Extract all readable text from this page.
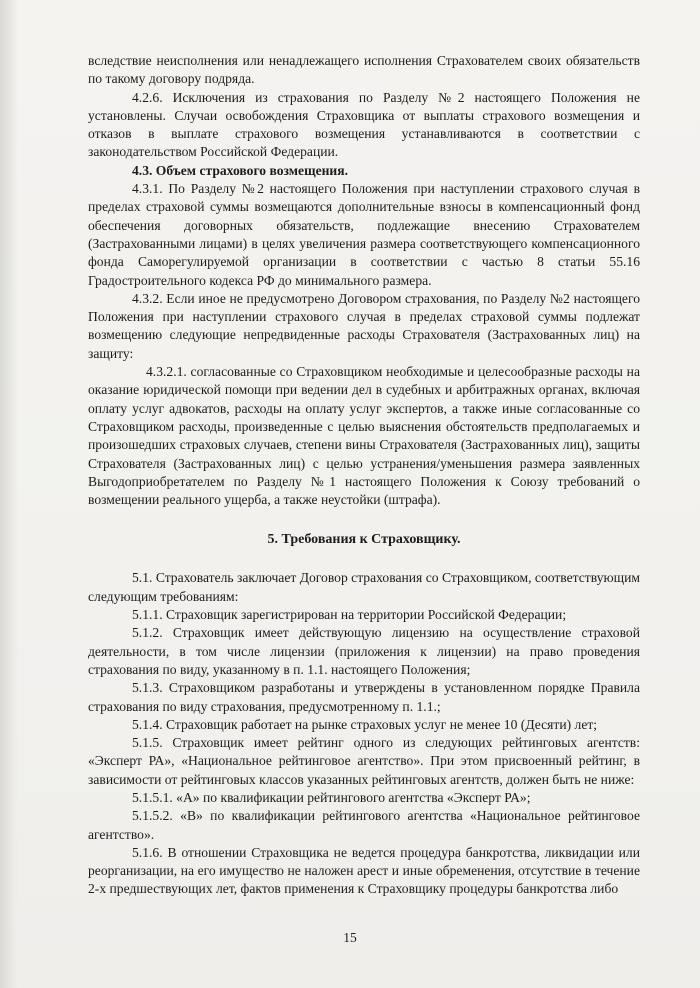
вследствие неисполнения или ненадлежащего исполнения Страхователем своих обязательств по такому договору подряда.

4.2.6. Исключения из страхования по Разделу №2 настоящего Положения не установлены. Случаи освобождения Страховщика от выплаты страхового возмещения и отказов в выплате страхового возмещения устанавливаются в соответствии с законодательством Российской Федерации.

4.3. Объем страхового возмещения.

4.3.1. По Разделу №2 настоящего Положения при наступлении страхового случая в пределах страховой суммы возмещаются дополнительные взносы в компенсационный фонд обеспечения договорных обязательств, подлежащие внесению Страхователем (Застрахованными лицами) в целях увеличения размера соответствующего компенсационного фонда Саморегулируемой организации в соответствии с частью 8 статьи 55.16 Градостроительного кодекса РФ до минимального размера.

4.3.2. Если иное не предусмотрено Договором страхования, по Разделу №2 настоящего Положения при наступлении страхового случая в пределах страховой суммы подлежат возмещению следующие непредвиденные расходы Страхователя (Застрахованных лиц) на защиту:

4.3.2.1. согласованные со Страховщиком необходимые и целесообразные расходы на оказание юридической помощи при ведении дел в судебных и арбитражных органах, включая оплату услуг адвокатов, расходы на оплату услуг экспертов, а также иные согласованные со Страховщиком расходы, произведенные с целью выяснения обстоятельств предполагаемых и произошедших страховых случаев, степени вины Страхователя (Застрахованных лиц), защиты Страхователя (Застрахованных лиц) с целью устранения/уменьшения размера заявленных Выгодоприобретателем по Разделу №1 настоящего Положения к Союзу требований о возмещении реального ущерба, а также неустойки (штрафа).

5. Требования к Страховщику.

5.1. Страхователь заключает Договор страхования со Страховщиком, соответствующим следующим требованиям:

5.1.1. Страховщик зарегистрирован на территории Российской Федерации;

5.1.2. Страховщик имеет действующую лицензию на осуществление страховой деятельности, в том числе лицензии (приложения к лицензии) на право проведения страхования по виду, указанному в п. 1.1. настоящего Положения;

5.1.3. Страховщиком разработаны и утверждены в установленном порядке Правила страхования по виду страхования, предусмотренному п. 1.1.;

5.1.4. Страховщик работает на рынке страховых услуг не менее 10 (Десяти) лет;

5.1.5. Страховщик имеет рейтинг одного из следующих рейтинговых агентств: «Эксперт РА», «Национальное рейтинговое агентство». При этом присвоенный рейтинг, в зависимости от рейтинговых классов указанных рейтинговых агентств, должен быть не ниже:

5.1.5.1. «А» по квалификации рейтингового агентства «Эксперт РА»;

5.1.5.2. «В» по квалификации рейтингового агентства «Национальное рейтинговое агентство».

5.1.6. В отношении Страховщика не ведется процедура банкротства, ликвидации или реорганизации, на его имущество не наложен арест и иные обременения, отсутствие в течение 2-х предшествующих лет, фактов применения к Страховщику процедуры банкротства либо

15
